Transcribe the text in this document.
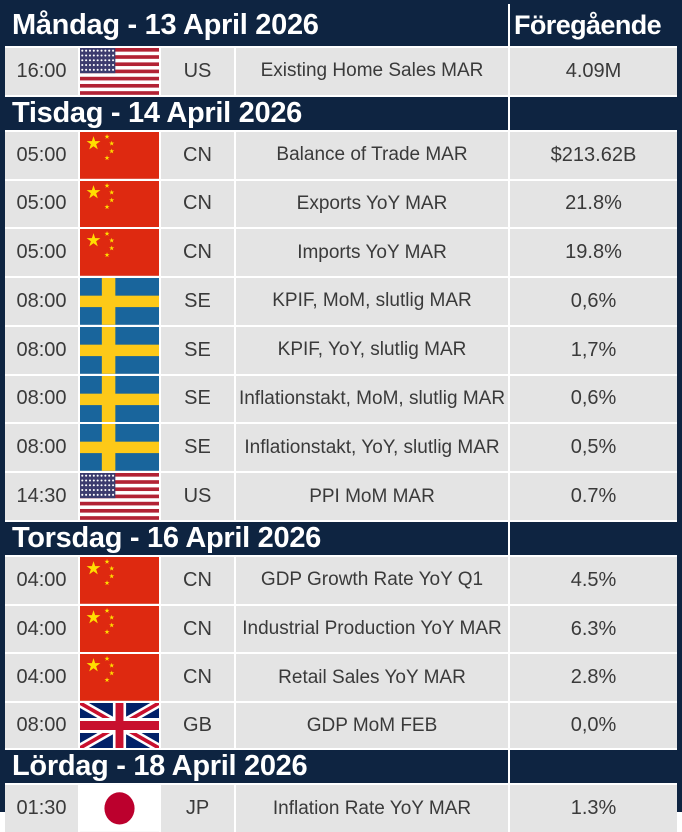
Måndag - 13 April 2026	Föregående
16:00	US	Existing Home Sales MAR	4.09M
Tisdag - 14 April 2026
05:00	CN	Balance of Trade MAR	$213.62B
05:00	CN	Exports YoY MAR	21.8%
05:00	CN	Imports YoY MAR	19.8%
08:00	SE	KPIF, MoM, slutlig MAR	0,6%
08:00	SE	KPIF, YoY, slutlig MAR	1,7%
08:00	SE	Inflationstakt, MoM, slutlig MAR	0,6%
08:00	SE	Inflationstakt, YoY, slutlig MAR	0,5%
14:30	US	PPI MoM MAR	0.7%
Torsdag - 16 April 2026
04:00	CN	GDP Growth Rate YoY Q1	4.5%
04:00	CN	Industrial Production YoY MAR	6.3%
04:00	CN	Retail Sales YoY MAR	2.8%
08:00	GB	GDP MoM FEB	0,0%
Lördag - 18 April 2026
01:30	JP	Inflation Rate YoY MAR	1.3%
